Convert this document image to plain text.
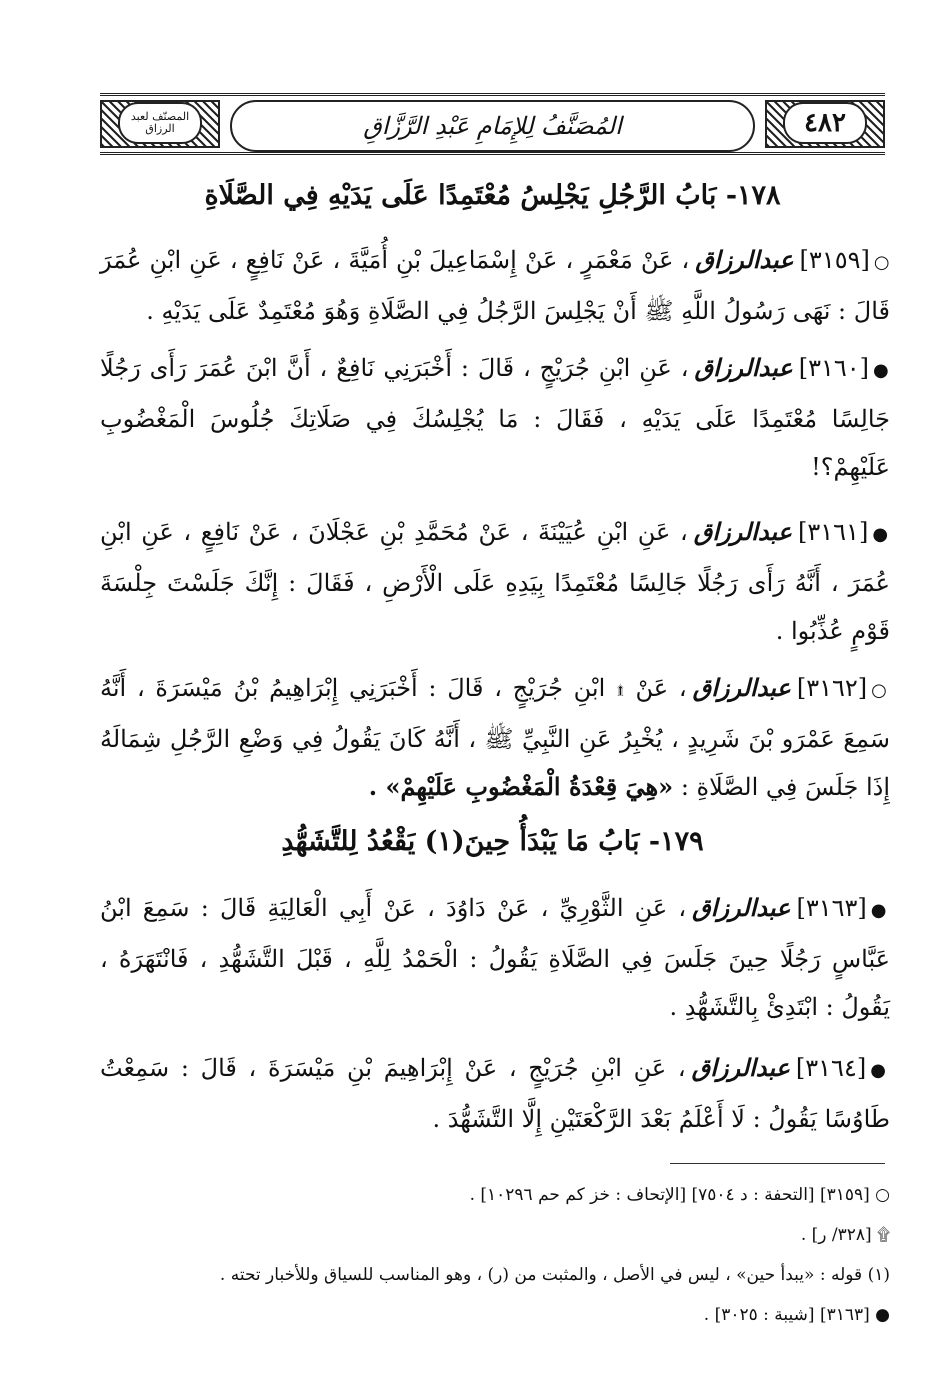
٤٨٢
المصنّف لعبد الرزاق	المُصَنَّفُ لِلإِمَامِ عَبْدِ الرَّزَّاقِ
١٧٨- بَابُ الرَّجُلِ يَجْلِسُ مُعْتَمِدًا عَلَى يَدَيْهِ فِي الصَّلَاةِ
○[٣١٥٩]عبدالرزاق، عَنْ مَعْمَرٍ ، عَنْ إِسْمَاعِيلَ بْنِ أُمَيَّةَ ، عَنْ نَافِعٍ ، عَنِ ابْنِ عُمَرَ قَالَ : نَهَى رَسُولُ اللَّهِ ﷺ أَنْ يَجْلِسَ الرَّجُلُ فِي الصَّلَاةِ وَهُوَ مُعْتَمِدٌ عَلَى يَدَيْهِ .
●[٣١٦٠]عبدالرزاق، عَنِ ابْنِ جُرَيْجٍ ، قَالَ : أَخْبَرَنِي نَافِعٌ ، أَنَّ ابْنَ عُمَرَ رَأَى رَجُلًا جَالِسًا مُعْتَمِدًا عَلَى يَدَيْهِ ، فَقَالَ : مَا يُجْلِسُكَ فِي صَلَاتِكَ جُلُوسَ الْمَغْضُوبِ عَلَيْهِمْ؟!
●[٣١٦١]عبدالرزاق، عَنِ ابْنِ عُيَيْنَةَ ، عَنْ مُحَمَّدِ بْنِ عَجْلَانَ ، عَنْ نَافِعٍ ، عَنِ ابْنِ عُمَرَ ، أَنَّهُ رَأَى رَجُلًا جَالِسًا مُعْتَمِدًا بِيَدِهِ عَلَى الْأَرْضِ ، فَقَالَ : إِنَّكَ جَلَسْتَ جِلْسَةَ قَوْمٍ عُذِّبُوا .
○[٣١٦٢]عبدالرزاق، عَنْ ۩ ابْنِ جُرَيْجٍ ، قَالَ : أَخْبَرَنِي إِبْرَاهِيمُ بْنُ مَيْسَرَةَ ، أَنَّهُ سَمِعَ عَمْرَو بْنَ شَرِيدٍ ، يُخْبِرُ عَنِ النَّبِيِّ ﷺ ، أَنَّهُ كَانَ يَقُولُ فِي وَضْعِ الرَّجُلِ شِمَالَهُ إِذَا جَلَسَ فِي الصَّلَاةِ : «هِيَ قِعْدَةُ الْمَغْضُوبِ عَلَيْهِمْ» .
١٧٩- بَابُ مَا يَبْدَأُ حِينَ(١) يَقْعُدُ لِلتَّشَهُّدِ
●[٣١٦٣]عبدالرزاق، عَنِ الثَّوْرِيِّ ، عَنْ دَاوُدَ ، عَنْ أَبِي الْعَالِيَةِ قَالَ : سَمِعَ ابْنُ عَبَّاسٍ رَجُلًا حِينَ جَلَسَ فِي الصَّلَاةِ يَقُولُ : الْحَمْدُ لِلَّهِ ، قَبْلَ التَّشَهُّدِ ، فَانْتَهَرَهُ ، يَقُولُ : ابْتَدِئْ بِالتَّشَهُّدِ .
●[٣١٦٤]عبدالرزاق، عَنِ ابْنِ جُرَيْجٍ ، عَنْ إِبْرَاهِيمَ بْنِ مَيْسَرَةَ ، قَالَ : سَمِعْتُ طَاوُسًا يَقُولُ : لَا أَعْلَمُ بَعْدَ الرَّكْعَتَيْنِ إِلَّا التَّشَهُّدَ .
○ [٣١٥٩] [التحفة : د ٧٥٠٤] [الإتحاف : خز كم حم ١٠٢٩٦] .
۩ [٣٢٨/ ر] .
(١) قوله : «يبدأ حين» ، ليس في الأصل ، والمثبت من (ر) ، وهو المناسب للسياق وللأخبار تحته .
● [٣١٦٣] [شيبة : ٣٠٢٥] .
